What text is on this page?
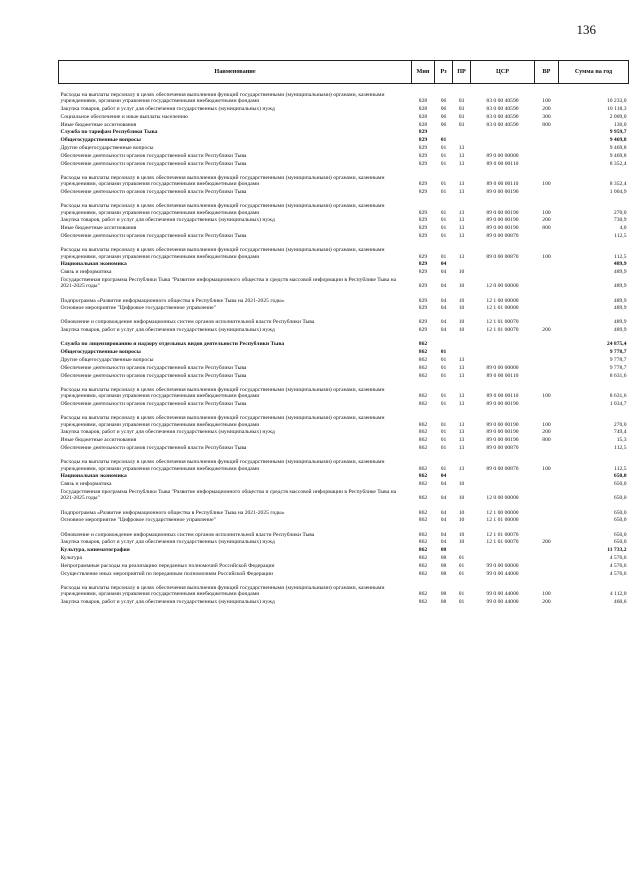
136
Наименование	Мин	Рз	ПР	ЦСР	ВР	Сумма на год
Расходы на выплаты персоналу в целях обеспечения выполнения функций государственными (муниципальными) органами, казенными учреждениями, органами управления государственными внебюджетными фондами	828	06	03	83 0 00 40590	100	10 233,0
Закупка товаров, работ и услуг для обеспечения государственных (муниципальных) нужд	828	06	03	83 0 00 40590	200	10 118,3
Социальное обеспечение и иные выплаты населению	828	06	03	83 0 00 40590	300	2 009,0
Иные бюджетные ассигнования	828	06	03	83 0 00 40590	800	130,0
Служба по тарифам Республики Тыва	829					9 959,7
Общегосударственные вопросы	829	01				9 469,8
Другие общегосударственные вопросы	829	01	13			9 469,8
Обеспечение деятельности органов государственной власти Республики Тыва	829	01	13	89 0 00 00000		9 469,8
Обеспечение деятельности органов государственной власти Республики Тыва	829	01	13	89 0 00 00110		8 352,4
Расходы на выплаты персоналу в целях обеспечения выполнения функций государственными (муниципальными) органами, казенными учреждениями, органами управления государственными внебюджетными фондами	829	01	13	89 0 00 00110	100	8 352,4
Обеспечение деятельности органов государственной власти Республики Тыва	829	01	13	89 0 00 00190		1 004,9
Расходы на выплаты персоналу в целях обеспечения выполнения функций государственными (муниципальными) органами, казенными учреждениями, органами управления государственными внебюджетными фондами	829	01	13	89 0 00 00190	100	270,0
Закупка товаров, работ и услуг для обеспечения государственных (муниципальных) нужд	829	01	13	89 0 00 00190	200	730,9
Иные бюджетные ассигнования	829	01	13	89 0 00 00190	800	4,0
Обеспечение деятельности органов государственной власти Республики Тыва	829	01	13	89 0 00 00870		112,5
Расходы на выплаты персоналу в целях обеспечения выполнения функций государственными (муниципальными) органами, казенными учреждениями, органами управления государственными внебюджетными фондами	829	01	13	89 0 00 00870	100	112,5
Национальная экономика	829	04				489,9
Связь и информатика	829	04	10			489,9
Государственная программа Республики Тыва "Развитие информационного общества и средств массовой информации в Республике Тыва на 2021-2025 годы"	829	04	10	12 0 00 00000		489,9
Подпрограмма «Развитие информационного общества в Республике Тыва на 2021-2025 годы»	829	04	10	12 1 00 00000		489,9
Основное мероприятие "Цифровое государственное управление"	829	04	10	12 1 01 00000		489,9
Обновление и сопровождение информационных систем органов исполнительной власти Республики Тыва	829	04	10	12 1 01 00070		489,9
Закупка товаров, работ и услуг для обеспечения государственных (муниципальных) нужд	829	04	10	12 1 01 00070	200	489,9
Служба по лицензированию и надзору отдельных видов деятельности Республики Тыва	862					24 875,4
Общегосударственные вопросы	862	01				9 778,7
Другие общегосударственные вопросы	862	01	13			9 778,7
Обеспечение деятельности органов государственной власти Республики Тыва	862	01	13	89 0 00 00000		9 778,7
Обеспечение деятельности органов государственной власти Республики Тыва	862	01	13	89 0 00 00110		8 631,6
Расходы на выплаты персоналу в целях обеспечения выполнения функций государственными (муниципальными) органами, казенными учреждениями, органами управления государственными внебюджетными фондами	862	01	13	89 0 00 00110	100	8 631,6
Обеспечение деятельности органов государственной власти Республики Тыва	862	01	13	89 0 00 00190		1 034,7
Расходы на выплаты персоналу в целях обеспечения выполнения функций государственными (муниципальными) органами, казенными учреждениями, органами управления государственными внебюджетными фондами	862	01	13	89 0 00 00190	100	270,0
Закупка товаров, работ и услуг для обеспечения государственных (муниципальных) нужд	862	01	13	89 0 00 00190	200	749,4
Иные бюджетные ассигнования	862	01	13	89 0 00 00190	800	15,3
Обеспечение деятельности органов государственной власти Республики Тыва	862	01	13	89 0 00 00870		112,5
Расходы на выплаты персоналу в целях обеспечения выполнения функций государственными (муниципальными) органами, казенными учреждениями, органами управления государственными внебюджетными фондами	862	01	13	89 0 00 00870	100	112,5
Национальная экономика	862	04				650,0
Связь и информатика	862	04	10			650,0
Государственная программа Республики Тыва "Развитие информационного общества и средств массовой информации в Республике Тыва на 2021-2025 годы"	862	04	10	12 0 00 00000		650,0
Подпрограмма «Развитие информационного общества в Республике Тыва на 2021-2025 годы»	862	04	10	12 1 00 00000		650,0
Основное мероприятие "Цифровое государственное управление"	862	04	10	12 1 01 00000		650,0
Обновление и сопровождение информационных систем органов исполнительной власти Республики Тыва	862	04	10	12 1 01 00070		650,0
Закупка товаров, работ и услуг для обеспечения государственных (муниципальных) нужд	862	04	10	12 1 01 00070	200	650,0
Культура, кинематография	862	08				11 733,2
Культура	862	08	01			4 576,6
Непрограммные расходы на реализацию переданных полномочий Российской Федерации	862	08	01	99 0 00 00000		4 576,6
Осуществление иных мероприятий по переданным полномочиям Российской Федерации	862	08	01	99 0 00 44000		4 576,6
Расходы на выплаты персоналу в целях обеспечения выполнения функций государственными (муниципальными) органами, казенными учреждениями, органами управления государственными внебюджетными фондами	862	08	01	99 0 00 44000	100	4 112,0
Закупка товаров, работ и услуг для обеспечения государственных (муниципальных) нужд	862	08	01	99 0 00 44000	200	460,6
